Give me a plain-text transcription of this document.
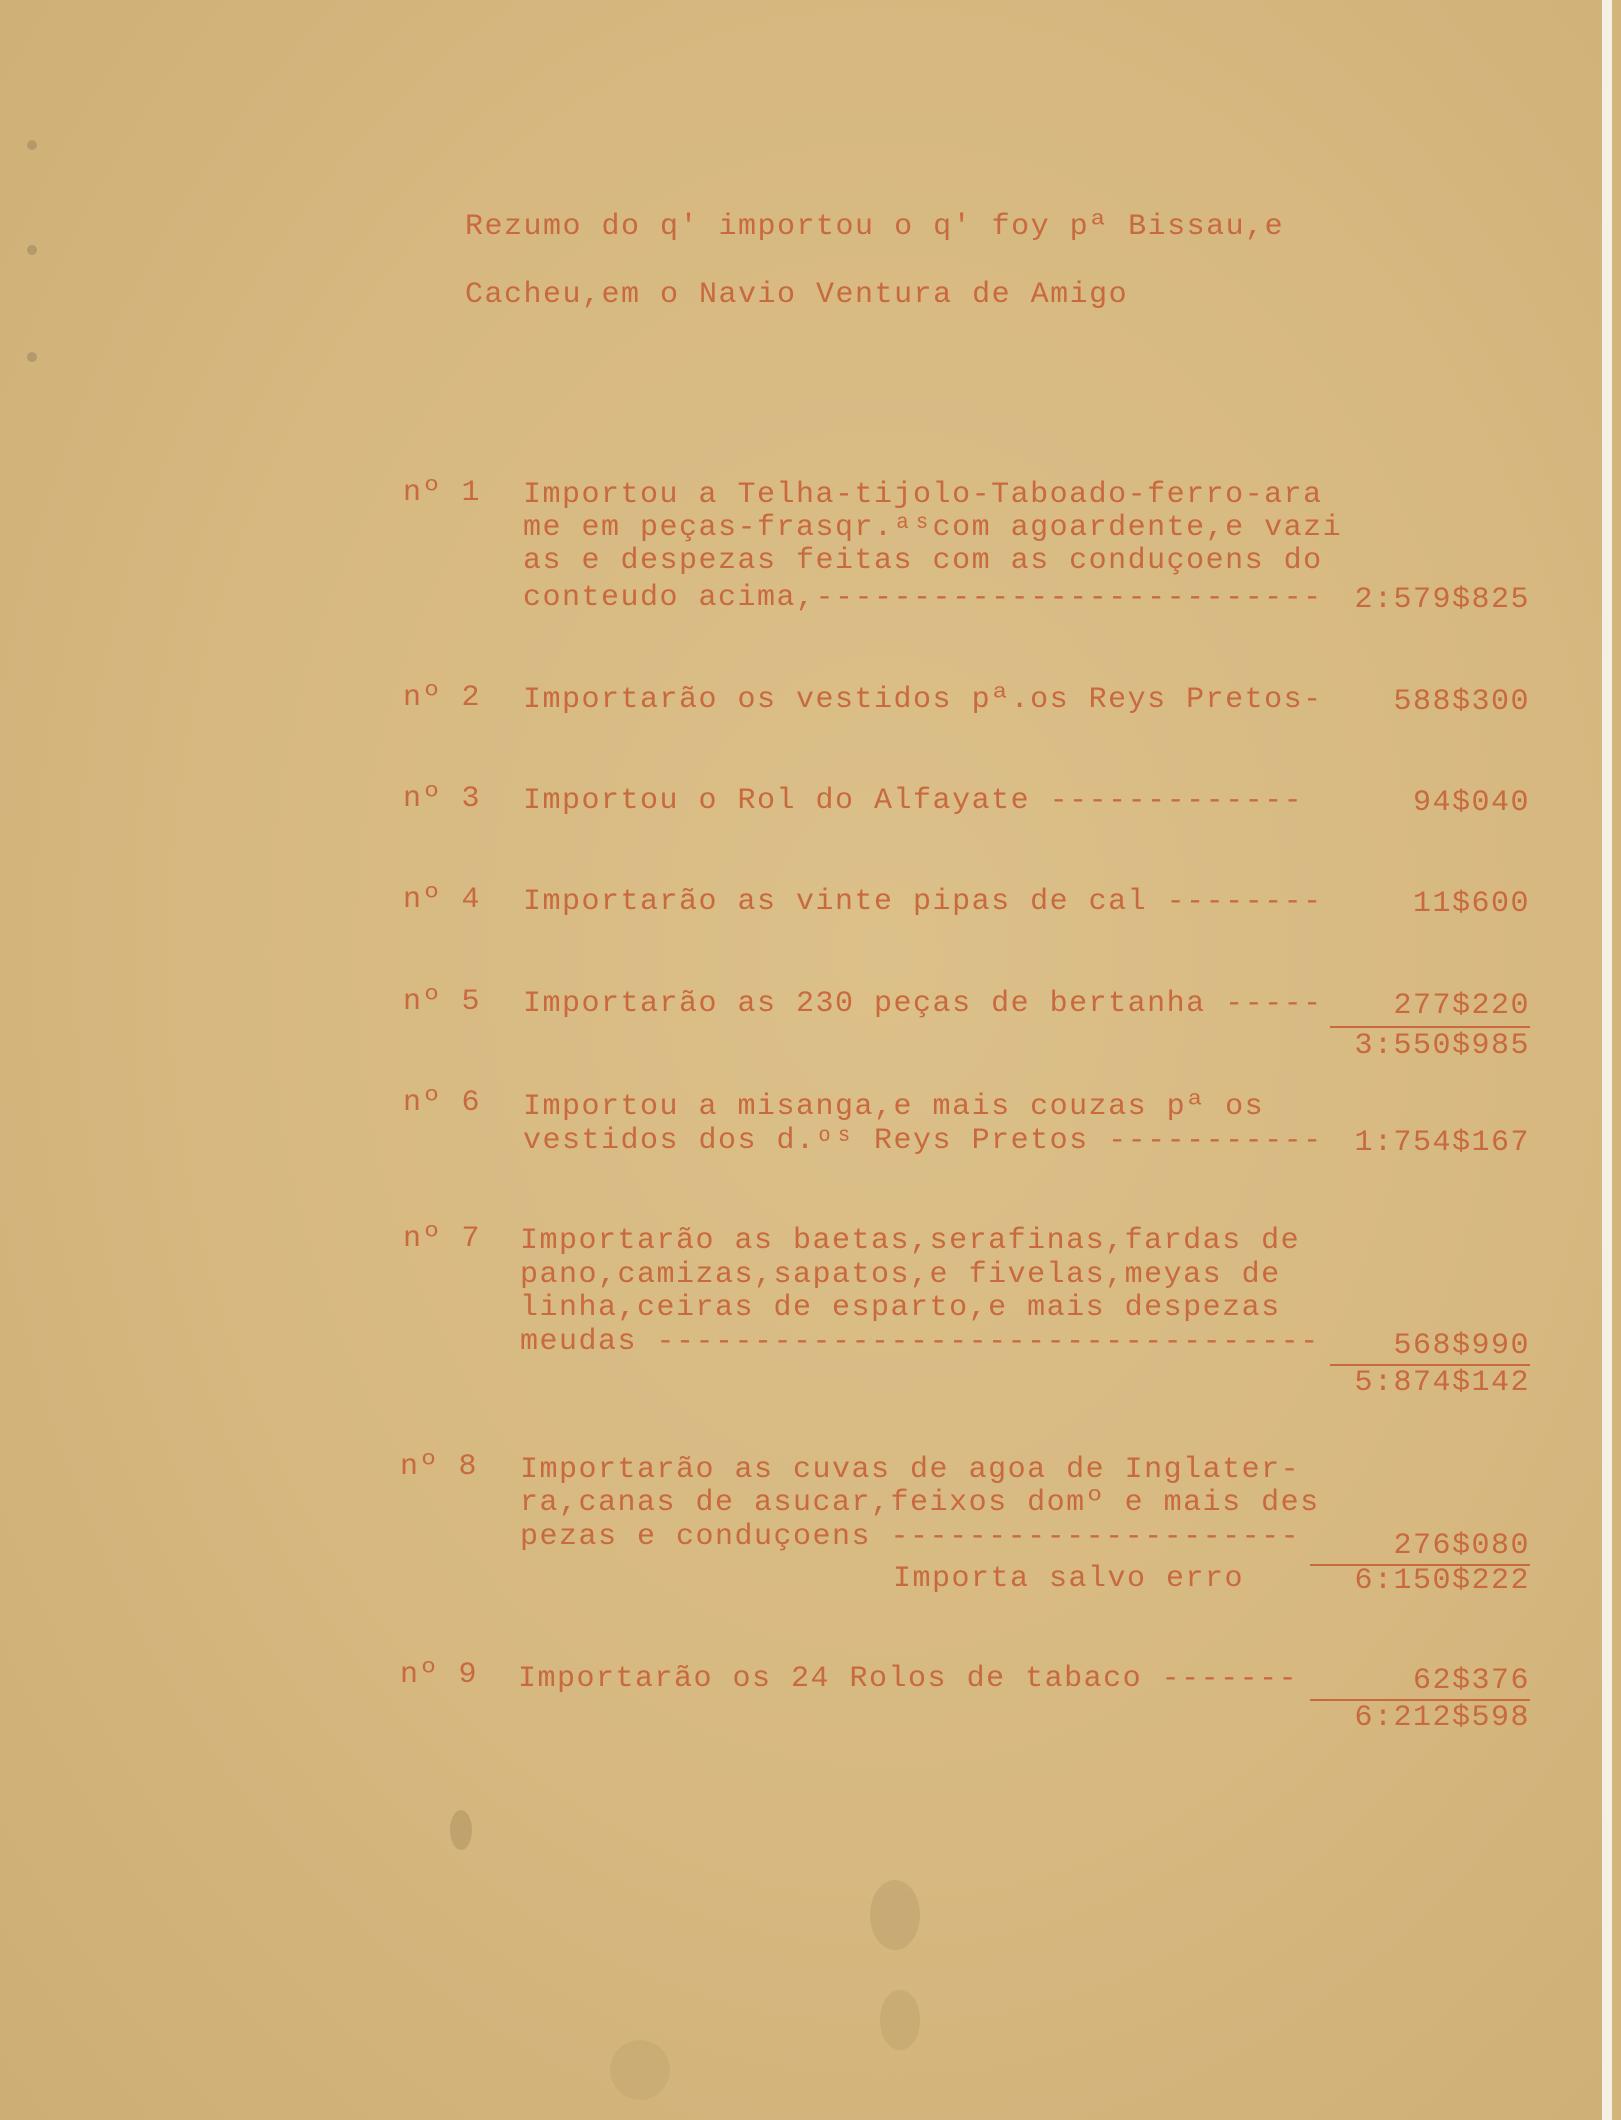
Rezumo do q' importou o q' foy pª Bissau,e
Cacheu,em o Navio Ventura de Amigo
nº 1 Importou a Telha-tijolo-Taboado-ferro-ara
me em peças-frasqr.ᵃˢcom agoardente,e vazi
as e despezas feitas com as conduçoens do
conteudo acima,-------------------------- 2:579$825
nº 2 Importarão os vestidos pª.os Reys Pretos- 588$300
nº 3 Importou o Rol do Alfayate -------------	94$040
nº 4 Importarão as vinte pipas de cal --------	11$600
nº 5 Importarão as 230 peças de bertanha ----- 277$220
3:550$985
nº 6 Importou a misanga,e mais couzas pª os
vestidos dos d.ᵒˢ Reys Pretos ----------- 1:754$167
nº 7 Importarão as baetas,serafinas,fardas de
pano,camizas,sapatos,e fivelas,meyas de
linha,ceiras de esparto,e mais despezas
meudas ---------------------------------- 568$990
5:874$142
nº 8 Importarão as cuvas de agoa de Inglater-
ra,canas de asucar,feixos domº e mais des
pezas e conduçoens ---------------------	276$080
Importa salvo erro	6:150$222
nº 9 Importarão os 24 Rolos de tabaco -------	62$376
6:212$598
